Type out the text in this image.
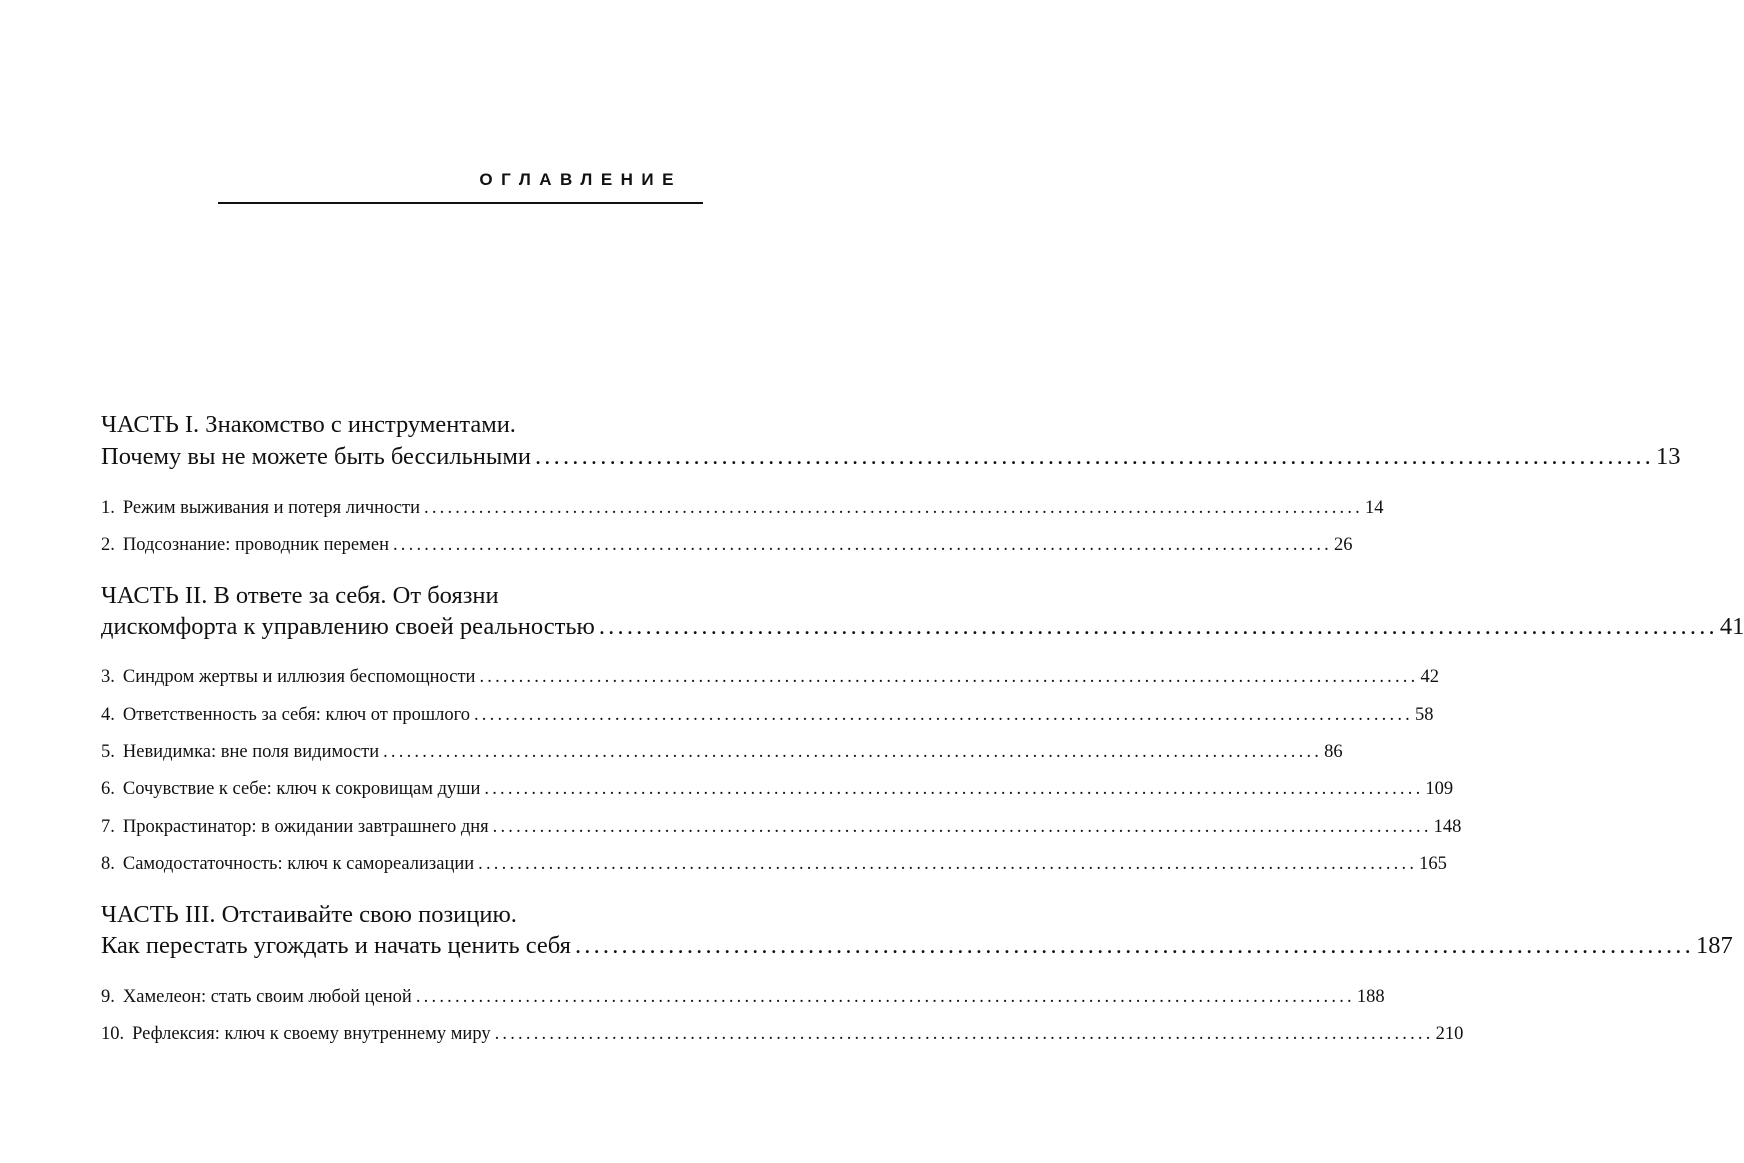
ОГЛАВЛЕНИЕ
ЧАСТЬ I. Знакомство с инструментами.
Почему вы не можете быть бессильными ........................................................................................................................ 13
1. Режим выживания и потеря личности ........................................................................................................................ 14
2. Подсознание: проводник перемен ........................................................................................................................ 26
ЧАСТЬ II. В ответе за себя. От боязни
дискомфорта к управлению своей реальностью ........................................................................................................................ 41
3. Синдром жертвы и иллюзия беспомощности ........................................................................................................................ 42
4. Ответственность за себя: ключ от прошлого ........................................................................................................................ 58
5. Невидимка: вне поля видимости ........................................................................................................................ 86
6. Сочувствие к себе: ключ к сокровищам души ........................................................................................................................ 109
7. Прокрастинатор: в ожидании завтрашнего дня ........................................................................................................................ 148
8. Самодостаточность: ключ к самореализации ........................................................................................................................ 165
ЧАСТЬ III. Отстаивайте свою позицию.
Как перестать угождать и начать ценить себя ........................................................................................................................ 187
9. Хамелеон: стать своим любой ценой ........................................................................................................................ 188
10. Рефлексия: ключ к своему внутреннему миру ........................................................................................................................ 210
